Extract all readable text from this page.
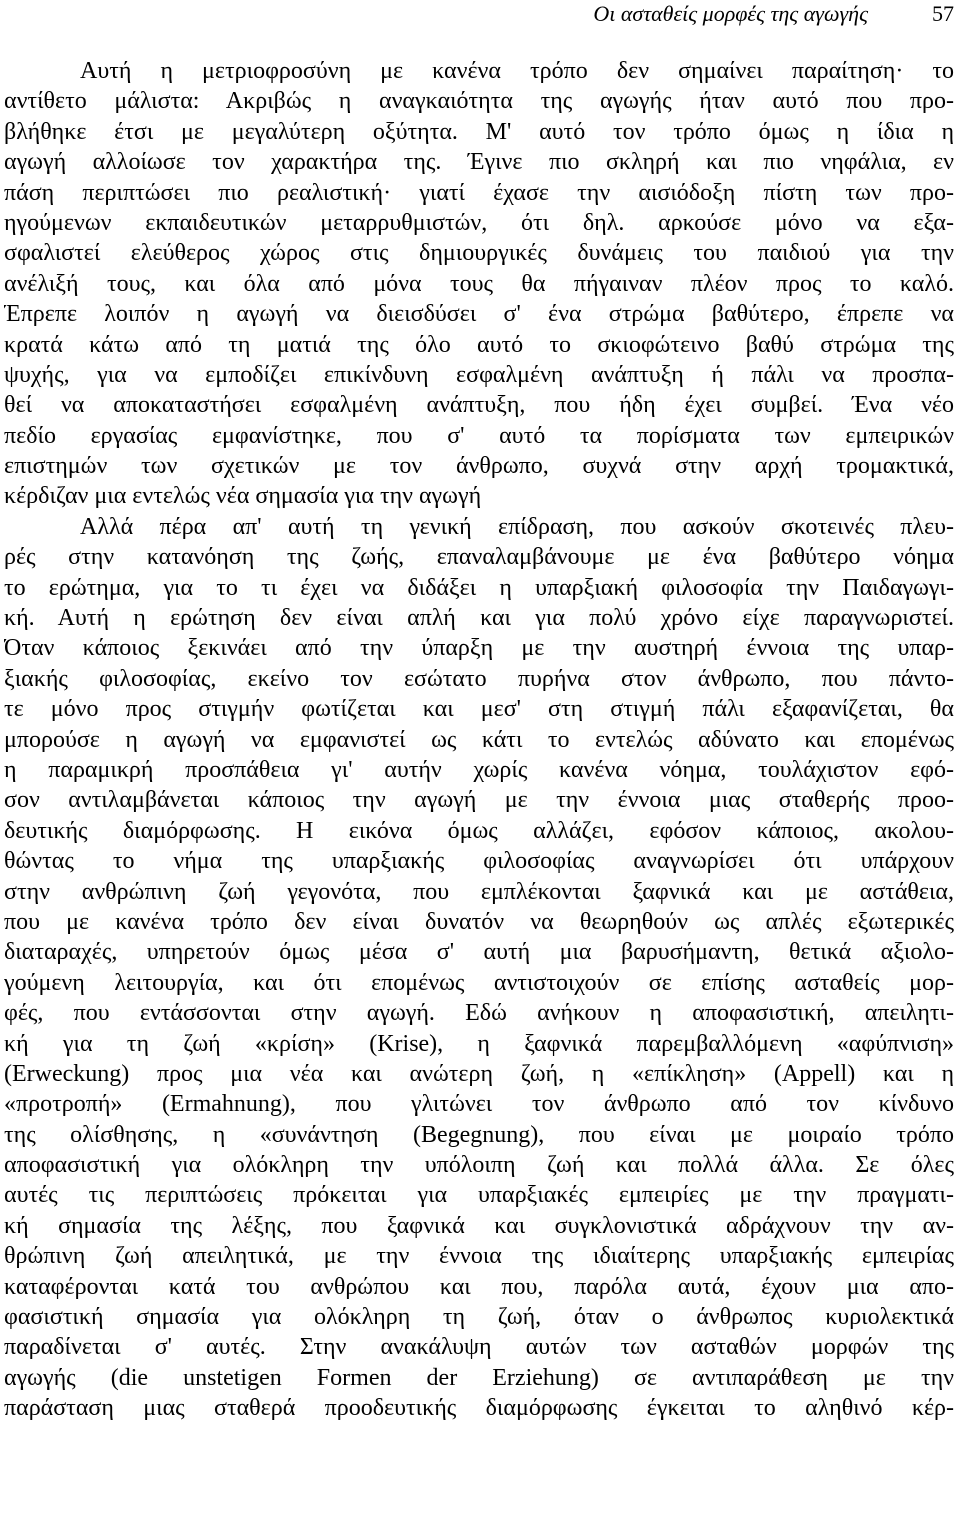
Οι ασταθείς μορφές της αγωγής	57
Αυτή η μετριοφροσύνη με κανένα τρόπο δεν σημαίνει παραίτηση· το
αντίθετο μάλιστα: Ακριβώς η αναγκαιότητα της αγωγής ήταν αυτό που προ-
βλήθηκε έτσι με μεγαλύτερη οξύτητα. Μ' αυτό τον τρόπο όμως η ίδια η
αγωγή αλλοίωσε τον χαρακτήρα της. Έγινε πιο σκληρή και πιο νηφάλια, εν
πάση περιπτώσει πιο ρεαλιστική· γιατί έχασε την αισιόδοξη πίστη των προ-
ηγούμενων εκπαιδευτικών μεταρρυθμιστών, ότι δηλ. αρκούσε μόνο να εξα-
σφαλιστεί ελεύθερος χώρος στις δημιουργικές δυνάμεις του παιδιού για την
ανέλιξή τους, και όλα από μόνα τους θα πήγαιναν πλέον προς το καλό.
Έπρεπε λοιπόν η αγωγή να διεισδύσει σ' ένα στρώμα βαθύτερο, έπρεπε να
κρατά κάτω από τη ματιά της όλο αυτό το σκιοφώτεινο βαθύ στρώμα της
ψυχής, για να εμποδίζει επικίνδυνη εσφαλμένη ανάπτυξη ή πάλι να προσπα-
θεί να αποκαταστήσει εσφαλμένη ανάπτυξη, που ήδη έχει συμβεί. Ένα νέο
πεδίο εργασίας εμφανίστηκε, που σ' αυτό τα πορίσματα των εμπειρικών
επιστημών των σχετικών με τον άνθρωπο, συχνά στην αρχή τρομακτικά,
κέρδιζαν μια εντελώς νέα σημασία για την αγωγή
Αλλά πέρα απ' αυτή τη γενική επίδραση, που ασκούν σκοτεινές πλευ-
ρές στην κατανόηση της ζωής, επαναλαμβάνουμε με ένα βαθύτερο νόημα
το ερώτημα, για το τι έχει να διδάξει η υπαρξιακή φιλοσοφία την Παιδαγωγι-
κή. Αυτή η ερώτηση δεν είναι απλή και για πολύ χρόνο είχε παραγνωριστεί.
Όταν κάποιος ξεκινάει από την ύπαρξη με την αυστηρή έννοια της υπαρ-
ξιακής φιλοσοφίας, εκείνο τον εσώτατο πυρήνα στον άνθρωπο, που πάντο-
τε μόνο προς στιγμήν φωτίζεται και μεσ' στη στιγμή πάλι εξαφανίζεται, θα
μπορούσε η αγωγή να εμφανιστεί ως κάτι το εντελώς αδύνατο και επομένως
η παραμικρή προσπάθεια γι' αυτήν χωρίς κανένα νόημα, τουλάχιστον εφό-
σον αντιλαμβάνεται κάποιος την αγωγή με την έννοια μιας σταθερής προο-
δευτικής διαμόρφωσης. Η εικόνα όμως αλλάζει, εφόσον κάποιος, ακολου-
θώντας το νήμα της υπαρξιακής φιλοσοφίας αναγνωρίσει ότι υπάρχουν
στην ανθρώπινη ζωή γεγονότα, που εμπλέκονται ξαφνικά και με αστάθεια,
που με κανένα τρόπο δεν είναι δυνατόν να θεωρηθούν ως απλές εξωτερικές
διαταραχές, υπηρετούν όμως μέσα σ' αυτή μια βαρυσήμαντη, θετικά αξιολο-
γούμενη λειτουργία, και ότι επομένως αντιστοιχούν σε επίσης ασταθείς μορ-
φές, που εντάσσονται στην αγωγή. Εδώ ανήκουν η αποφασιστική, απειλητι-
κή για τη ζωή «κρίση» (Krise), η ξαφνικά παρεμβαλλόμενη «αφύπνιση»
(Erweckung) προς μια νέα και ανώτερη ζωή, η «επίκληση» (Appell) και η
«προτροπή» (Ermahnung), που γλιτώνει τον άνθρωπο από τον κίνδυνο
της ολίσθησης, η «συνάντηση (Begegnung), που είναι με μοιραίο τρόπο
αποφασιστική για ολόκληρη την υπόλοιπη ζωή και πολλά άλλα. Σε όλες
αυτές τις περιπτώσεις πρόκειται για υπαρξιακές εμπειρίες με την πραγματι-
κή σημασία της λέξης, που ξαφνικά και συγκλονιστικά αδράχνουν την αν-
θρώπινη ζωή απειλητικά, με την έννοια της ιδιαίτερης υπαρξιακής εμπειρίας
καταφέρονται κατά του ανθρώπου και που, παρόλα αυτά, έχουν μια απο-
φασιστική σημασία για ολόκληρη τη ζωή, όταν ο άνθρωπος κυριολεκτικά
παραδίνεται σ' αυτές. Στην ανακάλυψη αυτών των ασταθών μορφών της
αγωγής (die unstetigen Formen der Erziehung) σε αντιπαράθεση με την
παράσταση μιας σταθερά προοδευτικής διαμόρφωσης έγκειται το αληθινό κέρ-
